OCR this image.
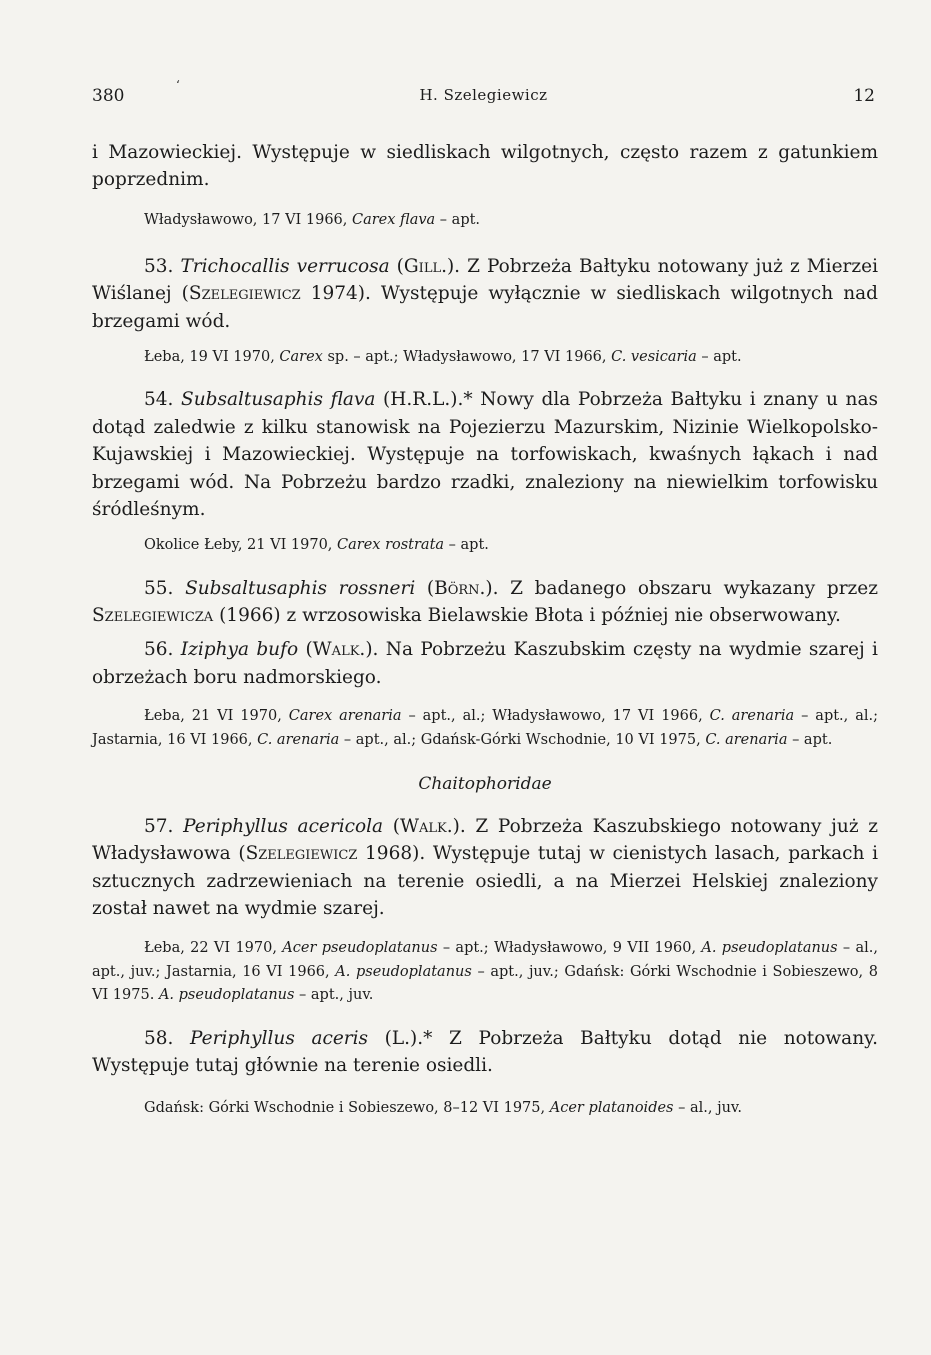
380
‘
H. Szelegiewicz	12

i Mazowieckiej. Występuje w siedliskach wilgotnych, często razem z gatunkiem poprzednim.

Władysławowo, 17 VI 1966, Carex flava – apt.

53. Trichocallis verrucosa (Gill.). Z Pobrzeża Bałtyku notowany już z Mierzei Wiślanej (Szelegiewicz 1974). Występuje wyłącznie w siedliskach wilgotnych nad brzegami wód.

Łeba, 19 VI 1970, Carex sp. – apt.; Władysławowo, 17 VI 1966, C. vesicaria – apt.

54. Subsaltusaphis flava (H.R.L.).* Nowy dla Pobrzeża Bałtyku i znany u nas dotąd zaledwie z kilku stanowisk na Pojezierzu Mazurskim, Nizinie Wielkopolsko-Kujawskiej i Mazowieckiej. Występuje na torfowiskach, kwaśnych łąkach i nad brzegami wód. Na Pobrzeżu bardzo rzadki, znaleziony na niewielkim torfowisku śródleśnym.

Okolice Łeby, 21 VI 1970, Carex rostrata – apt.

55. Subsaltusaphis rossneri (Börn.). Z badanego obszaru wykazany przez Szelegiewicza (1966) z wrzosowiska Bielawskie Błota i później nie obserwowany.

56. Iziphya bufo (Walk.). Na Pobrzeżu Kaszubskim częsty na wydmie szarej i obrzeżach boru nadmorskiego.

Łeba, 21 VI 1970, Carex arenaria – apt., al.; Władysławowo, 17 VI 1966, C. arenaria – apt., al.; Jastarnia, 16 VI 1966, C. arenaria – apt., al.; Gdańsk-Górki Wschodnie, 10 VI 1975, C. arenaria – apt.

Chaitophoridae

57. Periphyllus acericola (Walk.). Z Pobrzeża Kaszubskiego notowany już z Władysławowa (Szelegiewicz 1968). Występuje tutaj w cienistych lasach, parkach i sztucznych zadrzewieniach na terenie osiedli, a na Mierzei Helskiej znaleziony został nawet na wydmie szarej.

Łeba, 22 VI 1970, Acer pseudoplatanus – apt.; Władysławowo, 9 VII 1960, A. pseudoplatanus – al., apt., juv.; Jastarnia, 16 VI 1966, A. pseudoplatanus – apt., juv.; Gdańsk: Górki Wschodnie i Sobieszewo, 8 VI 1975. A. pseudoplatanus – apt., juv.

58. Periphyllus aceris (L.).* Z Pobrzeża Bałtyku dotąd nie notowany. Występuje tutaj głównie na terenie osiedli.

Gdańsk: Górki Wschodnie i Sobieszewo, 8–12 VI 1975, Acer platanoides – al., juv.
